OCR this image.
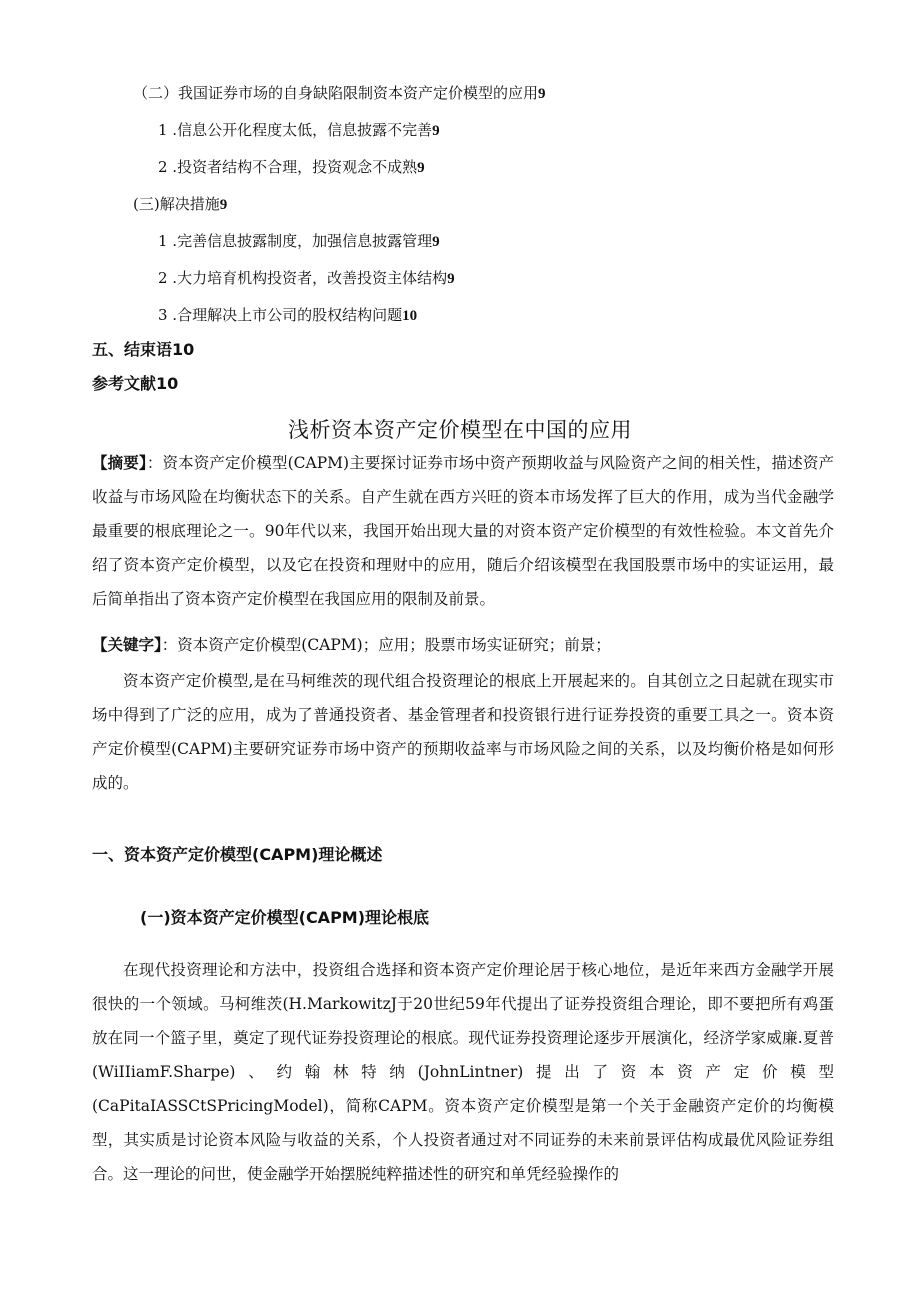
（二）我国证券市场的自身缺陷限制资本资产定价模型的应用9
1 .信息公开化程度太低，信息披露不完善9
2 .投资者结构不合理，投资观念不成熟9
(三)解决措施9
1 .完善信息披露制度，加强信息披露管理9
2 .大力培育机构投资者，改善投资主体结构9
3 .合理解决上市公司的股权结构问题10
五、结束语10
参考文献10
浅析资本资产定价模型在中国的应用
【摘要】：资本资产定价模型(CAPM)主要探讨证券市场中资产预期收益与风险资产之间的相关性，描述资产收益与市场风险在均衡状态下的关系。自产生就在西方兴旺的资本市场发挥了巨大的作用，成为当代金融学最重要的根底理论之一。90年代以来，我国开始出现大量的对资本资产定价模型的有效性检验。本文首先介绍了资本资产定价模型，以及它在投资和理财中的应用，随后介绍该模型在我国股票市场中的实证运用，最后简单指出了资本资产定价模型在我国应用的限制及前景。
【关键字】：资本资产定价模型(CAPM)；应用；股票市场实证研究；前景；
资本资产定价模型,是在马柯维茨的现代组合投资理论的根底上开展起来的。自其创立之日起就在现实市场中得到了广泛的应用，成为了普通投资者、基金管理者和投资银行进行证券投资的重要工具之一。资本资产定价模型(CAPM)主要研究证券市场中资产的预期收益率与市场风险之间的关系，以及均衡价格是如何形成的。
一、资本资产定价模型(CAPM)理论概述
(一)资本资产定价模型(CAPM)理论根底
在现代投资理论和方法中，投资组合选择和资本资产定价理论居于核心地位，是近年来西方金融学开展很快的一个领域。马柯维茨(H.MarkowitzJ于20世纪59年代提出了证券投资组合理论，即不要把所有鸡蛋放在同一个篮子里，奠定了现代证券投资理论的根底。现代证券投资理论逐步开展演化，经济学家威廉.夏普(WiIIiamF.Sharpe)、约翰林特纳(JohnLintner)提出了资本资产定价模型(CaPitaIASSCtSPricingModel)，简称CAPM。资本资产定价模型是第一个关于金融资产定价的均衡模型，其实质是讨论资本风险与收益的关系，个人投资者通过对不同证券的未来前景评估构成最优风险证券组合。这一理论的问世，使金融学开始摆脱纯粹描述性的研究和单凭经验操作的
